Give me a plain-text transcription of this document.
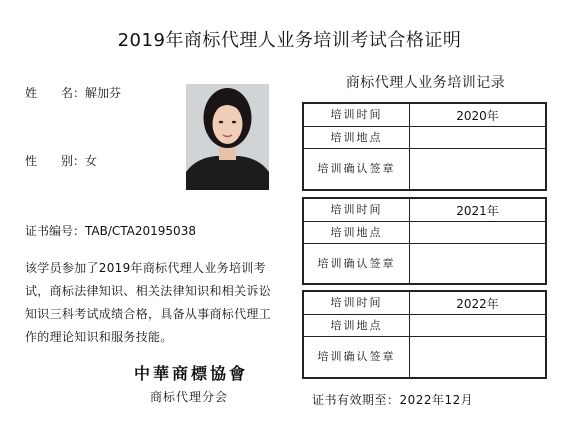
2019年商标代理人业务培训考试合格证明
姓　　名：解加芬
性　　别：女
证书编号：TAB/CTA20195038
该学员参加了2019年商标代理人业务培训考试，商标法律知识、相关法律知识和相关诉讼知识三科考试成绩合格，具备从事商标代理工作的理论知识和服务技能。
中華商標協會
商标代理分会
商标代理人业务培训记录
培训时间	2020年
培训地点
培训确认签章
培训时间	2021年
培训地点
培训确认签章
培训时间	2022年
培训地点
培训确认签章
证书有效期至：2022年12月
